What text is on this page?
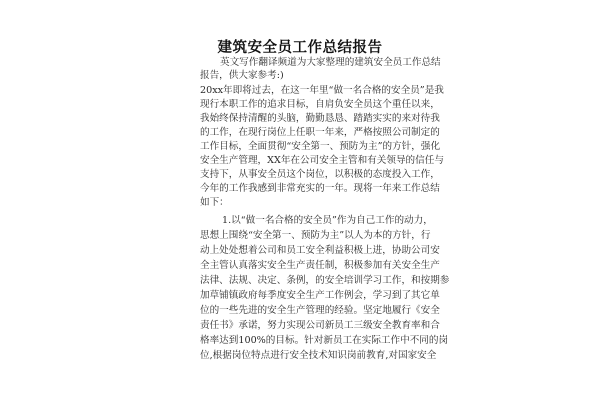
建筑安全员工作总结报告
英文写作翻译频道为大家整理的建筑安全员工作总结
报告，供大家参考:)
20xx年即将过去，在这一年里“做一名合格的安全员”是我
现行本职工作的追求目标，自肩负安全员这个重任以来，
我始终保持清醒的头脑，勤勤恳恳、踏踏实实的来对待我
的工作，在现行岗位上任职一年来，严格按照公司制定的
工作目标，全面贯彻“安全第一、预防为主”的方针，强化
安全生产管理，XX年在公司安全主管和有关领导的信任与
支持下，从事安全员这个岗位，以积极的态度投入工作，
今年的工作我感到非常充实的一年。现将一年来工作总结
如下：
1.以“做一名合格的安全员”作为自己工作的动力，
思想上围绕“安全第一、预防为主”以人为本的方针，行
动上处处想着公司和员工安全利益积极上进，协助公司安
全主管认真落实安全生产责任制，积极参加有关安全生产
法律、法规、决定、条例，的安全培训学习工作，和按期参
加草铺镇政府每季度安全生产工作例会，学习到了其它单
位的一些先进的安全生产管理的经验。坚定地履行《安全
责任书》承诺，努力实现公司新员工三级安全教育率和合
格率达到100%的目标。针对新员工在实际工作中不同的岗
位,根据岗位特点进行安全技术知识岗前教育,对国家安全
